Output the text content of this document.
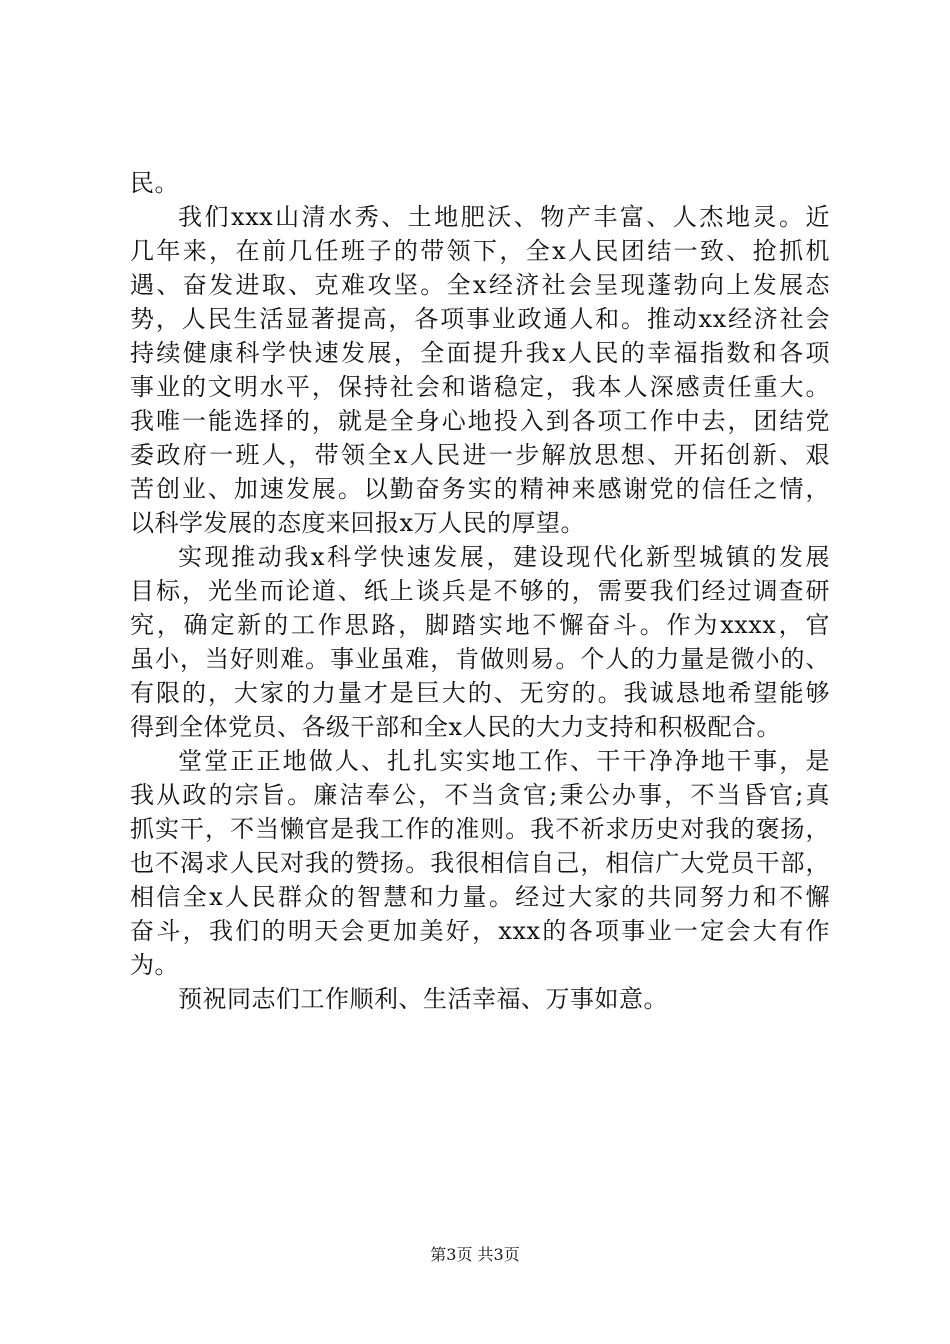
民。
我们xxx山清水秀、土地肥沃、物产丰富、人杰地灵。近
几年来，在前几任班子的带领下，全x人民团结一致、抢抓机
遇、奋发进取、克难攻坚。全x经济社会呈现蓬勃向上发展态
势，人民生活显著提高，各项事业政通人和。推动xx经济社会
持续健康科学快速发展，全面提升我x人民的幸福指数和各项
事业的文明水平，保持社会和谐稳定，我本人深感责任重大。
我唯一能选择的，就是全身心地投入到各项工作中去，团结党
委政府一班人，带领全x人民进一步解放思想、开拓创新、艰
苦创业、加速发展。以勤奋务实的精神来感谢党的信任之情，
以科学发展的态度来回报x万人民的厚望。
实现推动我x科学快速发展，建设现代化新型城镇的发展
目标，光坐而论道、纸上谈兵是不够的，需要我们经过调查研
究，确定新的工作思路，脚踏实地不懈奋斗。作为xxxx，官
虽小，当好则难。事业虽难，肯做则易。个人的力量是微小的、
有限的，大家的力量才是巨大的、无穷的。我诚恳地希望能够
得到全体党员、各级干部和全x人民的大力支持和积极配合。
堂堂正正地做人、扎扎实实地工作、干干净净地干事，是
我从政的宗旨。廉洁奉公，不当贪官;秉公办事，不当昏官;真
抓实干，不当懒官是我工作的准则。我不祈求历史对我的褒扬，
也不渴求人民对我的赞扬。我很相信自己，相信广大党员干部，
相信全x人民群众的智慧和力量。经过大家的共同努力和不懈
奋斗，我们的明天会更加美好，xxx的各项事业一定会大有作
为。
预祝同志们工作顺利、生活幸福、万事如意。
第3页 共3页
